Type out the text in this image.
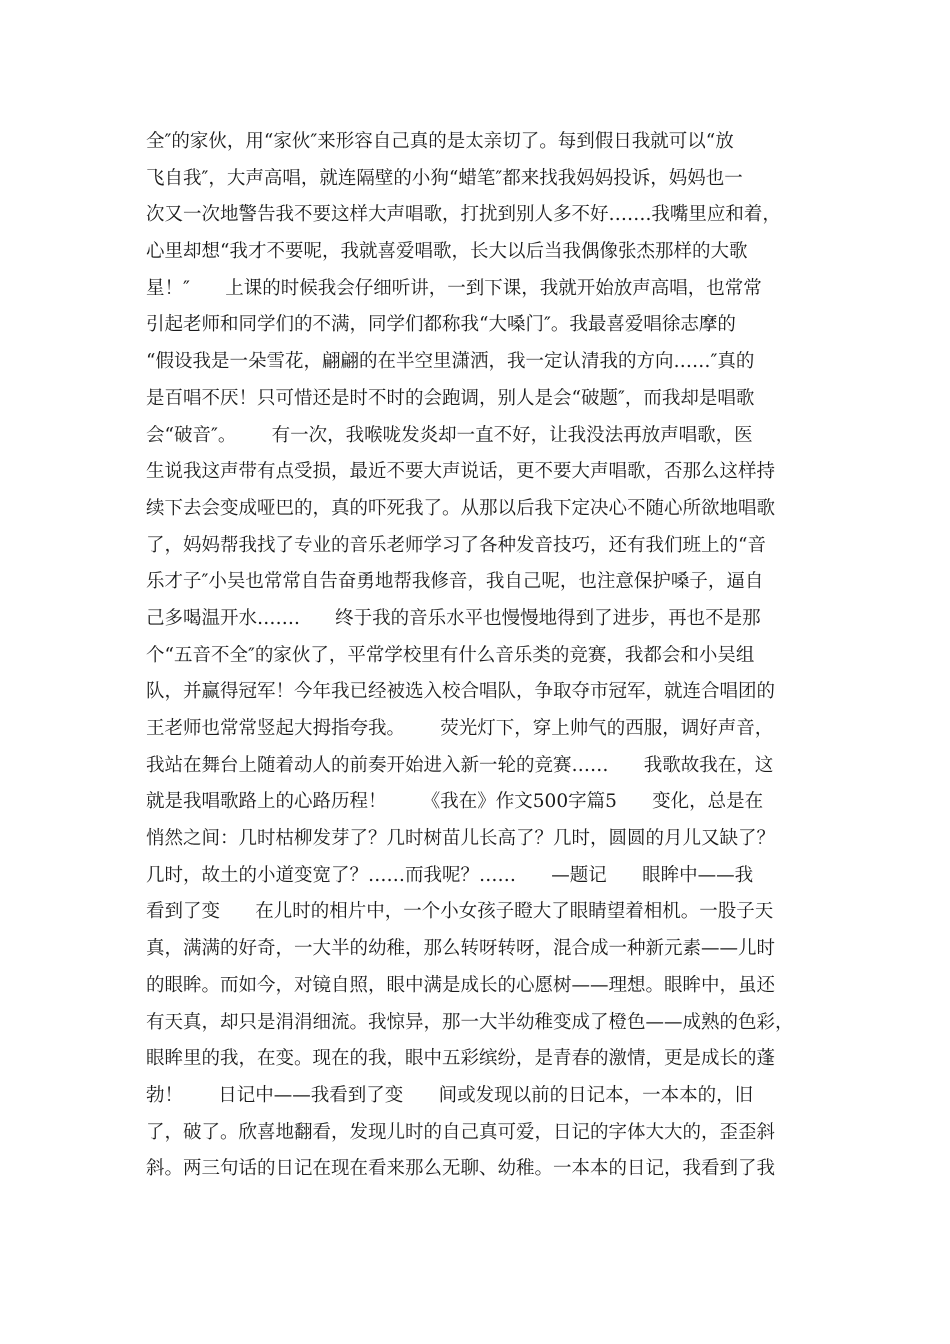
全″的家伙，用“家伙″来形容自己真的是太亲切了。每到假日我就可以“放
飞自我″，大声高唱，就连隔壁的小狗“蜡笔″都来找我妈妈投诉，妈妈也一
次又一次地警告我不要这样大声唱歌，打扰到别人多不好…….我嘴里应和着，
心里却想“我才不要呢，我就喜爱唱歌，长大以后当我偶像张杰那样的大歌
星！″      上课的时候我会仔细听讲，一到下课，我就开始放声高唱，也常常
引起老师和同学们的不满，同学们都称我“大嗓门″。我最喜爱唱徐志摩的
“假设我是一朵雪花，翩翩的在半空里潇洒，我一定认清我的方向……″真的
是百唱不厌！只可惜还是时不时的会跑调，别人是会“破题″，而我却是唱歌
会“破音″。      有一次，我喉咙发炎却一直不好，让我没法再放声唱歌，医
生说我这声带有点受损，最近不要大声说话，更不要大声唱歌，否那么这样持
续下去会变成哑巴的，真的吓死我了。从那以后我下定决心不随心所欲地唱歌
了，妈妈帮我找了专业的音乐老师学习了各种发音技巧，还有我们班上的“音
乐才子″小吴也常常自告奋勇地帮我修音，我自己呢，也注意保护嗓子，逼自
己多喝温开水…….      终于我的音乐水平也慢慢地得到了进步，再也不是那
个“五音不全″的家伙了，平常学校里有什么音乐类的竞赛，我都会和小吴组
队，并赢得冠军！今年我已经被选入校合唱队，争取夺市冠军，就连合唱团的
王老师也常常竖起大拇指夸我。      荧光灯下，穿上帅气的西服，调好声音，
我站在舞台上随着动人的前奏开始进入新一轮的竞赛……      我歌故我在，这
就是我唱歌路上的心路历程！      《我在》作文500字篇5      变化，总是在
悄然之间：几时枯柳发芽了？几时树苗儿长高了？几时，圆圆的月儿又缺了？
几时，故土的小道变宽了？……而我呢？……      —题记      眼眸中——我
看到了变      在儿时的相片中，一个小女孩子瞪大了眼睛望着相机。一股子天
真，满满的好奇，一大半的幼稚，那么转呀转呀，混合成一种新元素——儿时
的眼眸。而如今，对镜自照，眼中满是成长的心愿树——理想。眼眸中，虽还
有天真，却只是涓涓细流。我惊异，那一大半幼稚变成了橙色——成熟的色彩，
眼眸里的我，在变。现在的我，眼中五彩缤纷，是青春的激情，更是成长的蓬
勃！      日记中——我看到了变      间或发现以前的日记本，一本本的，旧
了，破了。欣喜地翻看，发现儿时的自己真可爱，日记的字体大大的，歪歪斜
斜。两三句话的日记在现在看来那么无聊、幼稚。一本本的日记，我看到了我
